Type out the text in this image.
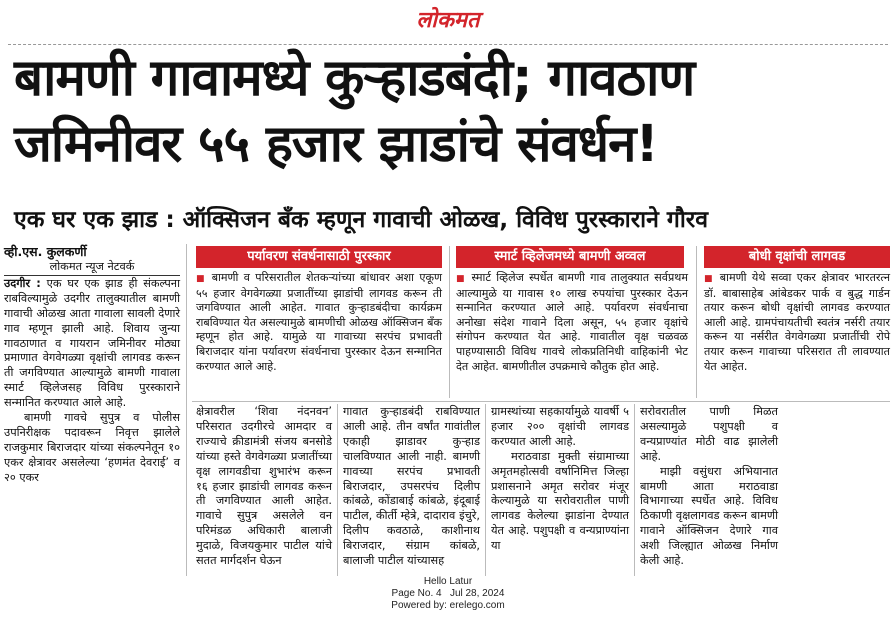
लोकमत
बामणी गावामध्ये कुऱ्हाडबंदी; गावठाण
जमिनीवर ५५ हजार झाडांचे संवर्धन!
एक घर एक झाड : ऑक्सिजन बँक म्हणून गावाची ओळख, विविध पुरस्काराने गौरव
व्ही.एस. कुलकर्णी
लोकमत न्यूज नेटवर्क

उदगीर : एक घर एक झाड ही संकल्पना राबविल्यामुळे उदगीर तालुक्यातील बामणी गावाची ओळख आता गावाला सावली देणारे गाव म्हणून झाली आहे. शिवाय जुन्या गावठाणात व गायरान जमिनीवर मोठ्या प्रमाणात वेगवेगळ्या वृक्षांची लागवड करून ती जगविण्यात आल्यामुळे बामणी गावाला स्मार्ट व्हिलेजसह विविध पुरस्काराने सन्मानित करण्यात आले आहे.

बामणी गावचे सुपुत्र व पोलीस उपनिरीक्षक पदावरून निवृत्त झालेले राजकुमार बिराजदार यांच्या संकल्पनेतून १० एकर क्षेत्रावर असलेल्या ‘हणमंत देवराई’ व २० एकर

पर्यावरण संवर्धनासाठी पुरस्कार

■ बामणी व परिसरातील शेतकऱ्यांच्या बांधावर अशा एकूण ५५ हजार वेगवेगळ्या प्रजातींच्या झाडांची लागवड करून ती जगविण्यात आली आहेत. गावात कुऱ्हाडबंदीचा कार्यक्रम राबविण्यात येत असल्यामुळे बामणीची ओळख ऑक्सिजन बँक म्हणून होत आहे. यामुळे या गावाच्या सरपंच प्रभावती बिराजदार यांना पर्यावरण संवर्धनाचा पुरस्कार देऊन सन्मानित करण्यात आले आहे.

स्मार्ट व्हिलेजमध्ये बामणी अव्वल

■ स्मार्ट व्हिलेज स्पर्धेत बामणी गाव तालुक्यात सर्वप्रथम आल्यामुळे या गावास १० लाख रुपयांचा पुरस्कार देऊन सन्मानित करण्यात आले आहे. पर्यावरण संवर्धनाचा अनोखा संदेश गावाने दिला असून, ५५ हजार वृक्षांचे संगोपन करण्यात येत आहे. गावातील वृक्ष चळवळ पाहण्यासाठी विविध गावचे लोकप्रतिनिधी वाहिकांनी भेट देत आहेत. बामणीतील उपक्रमाचे कौतुक होत आहे.

बोधी वृक्षांची लागवड

■ बामणी येथे सव्वा एकर क्षेत्रावर भारतरत्न डॉ. बाबासाहेब आंबेडकर पार्क व बुद्ध गार्डन तयार करून बोधी वृक्षांची लागवड करण्यात आली आहे. ग्रामपंचायतीची स्वतंत्र नर्सरी तयार करून या नर्सरीत वेगवेगळ्या प्रजातींची रोपे तयार करून गावाच्या परिसरात ती लावण्यात येत आहेत.

क्षेत्रावरील ‘शिवा नंदनवन’ परिसरात उदगीरचे आमदार व राज्याचे क्रीडामंत्री संजय बनसोडे यांच्या हस्ते वेगवेगळ्या प्रजातींच्या वृक्ष लागवडीचा शुभारंभ करून १६ हजार झाडांची लागवड करून ती जगविण्यात आली आहेत. गावाचे सुपुत्र असलेले वन परिमंडळ अधिकारी बालाजी मुदाळे, विजयकुमार पाटील यांचे सतत मार्गदर्शन घेऊन

गावात कुऱ्हाडबंदी राबविण्यात आली आहे. तीन वर्षांत गावांतील एकाही झाडावर कुऱ्हाड चालविण्यात आली नाही. बामणी गावच्या सरपंच प्रभावती बिराजदार, उपसरपंच दिलीप कांबळे, कोंडाबाई कांबळे, इंदूबाई पाटील, कीर्ती म्हेत्रे, दादाराव इंचुरे, दिलीप कवठाळे, काशीनाथ बिराजदार, संग्राम कांबळे, बालाजी पाटील यांच्यासह

ग्रामस्थांच्या सहकार्यामुळे यावर्षी ५ हजार २०० वृक्षांची लागवड करण्यात आली आहे.

मराठवाडा मुक्ती संग्रामाच्या अमृतमहोत्सवी वर्षानिमित्त जिल्हा प्रशासनाने अमृत सरोवर मंजूर केल्यामुळे या सरोवरातील पाणी लागवड केलेल्या झाडांना देण्यात येत आहे. पशुपक्षी व वन्यप्राण्यांना या

सरोवरातील पाणी मिळत असल्यामुळे पशुपक्षी व वन्यप्राण्यांत मोठी वाढ झालेली आहे.

माझी वसुंधरा अभियानात बामणी आता मराठवाडा विभागाच्या स्पर्धेत आहे. विविध ठिकाणी वृक्षलागवड करून बामणी गावाने ऑक्सिजन देणारे गाव अशी जिल्ह्यात ओळख निर्माण केली आहे.

Hello Latur
Page No. 4 Jul 28, 2024
Powered by: erelego.com
